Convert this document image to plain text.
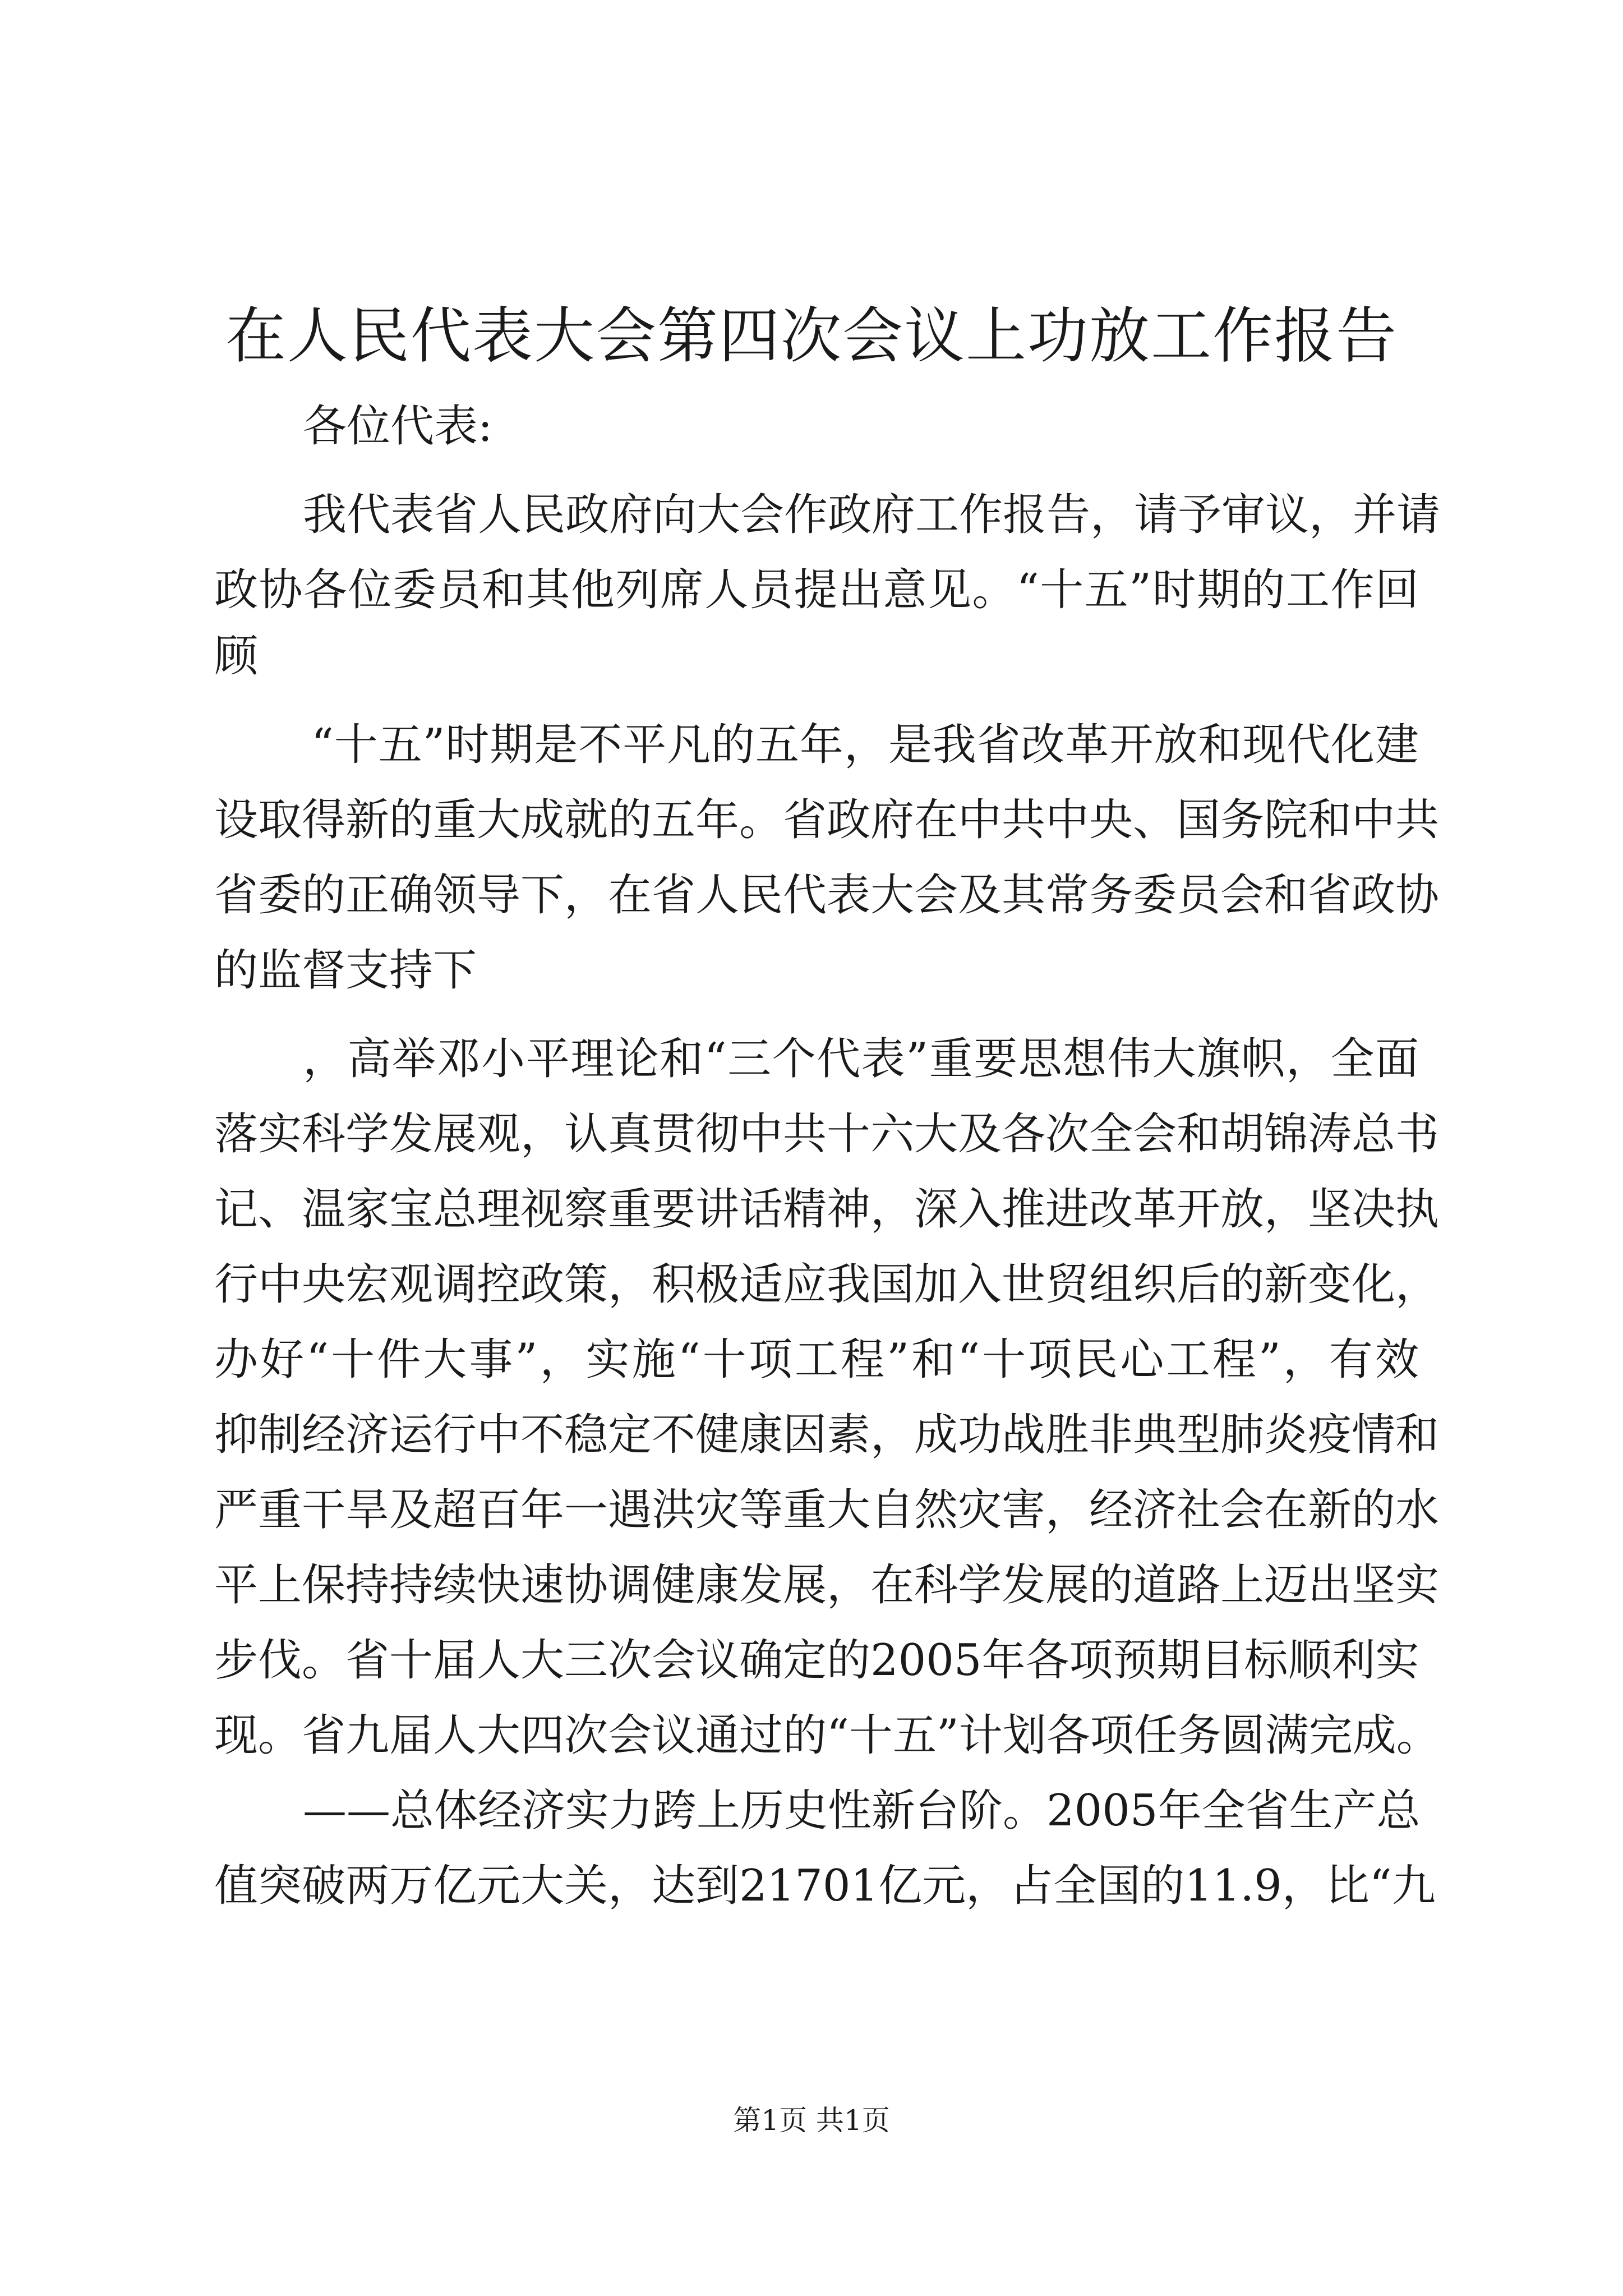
在人民代表大会第四次会议上功放工作报告
各位代表:
我代表省人民政府向大会作政府工作报告，请予审议，并请
政协各位委员和其他列席人员提出意见。“十五”时期的工作回
顾
“十五”时期是不平凡的五年，是我省改革开放和现代化建
设取得新的重大成就的五年。省政府在中共中央、国务院和中共
省委的正确领导下，在省人民代表大会及其常务委员会和省政协
的监督支持下
，高举邓小平理论和“三个代表”重要思想伟大旗帜，全面
落实科学发展观，认真贯彻中共十六大及各次全会和胡锦涛总书
记、温家宝总理视察重要讲话精神，深入推进改革开放，坚决执
行中央宏观调控政策，积极适应我国加入世贸组织后的新变化，
办好“十件大事”，实施“十项工程”和“十项民心工程”，有效
抑制经济运行中不稳定不健康因素，成功战胜非典型肺炎疫情和
严重干旱及超百年一遇洪灾等重大自然灾害，经济社会在新的水
平上保持持续快速协调健康发展，在科学发展的道路上迈出坚实
步伐。省十届人大三次会议确定的2005年各项预期目标顺利实
现。省九届人大四次会议通过的“十五”计划各项任务圆满完成。
——总体经济实力跨上历史性新台阶。2005年全省生产总
值突破两万亿元大关，达到21701亿元，占全国的11.9，比“九
第1页 共1页
